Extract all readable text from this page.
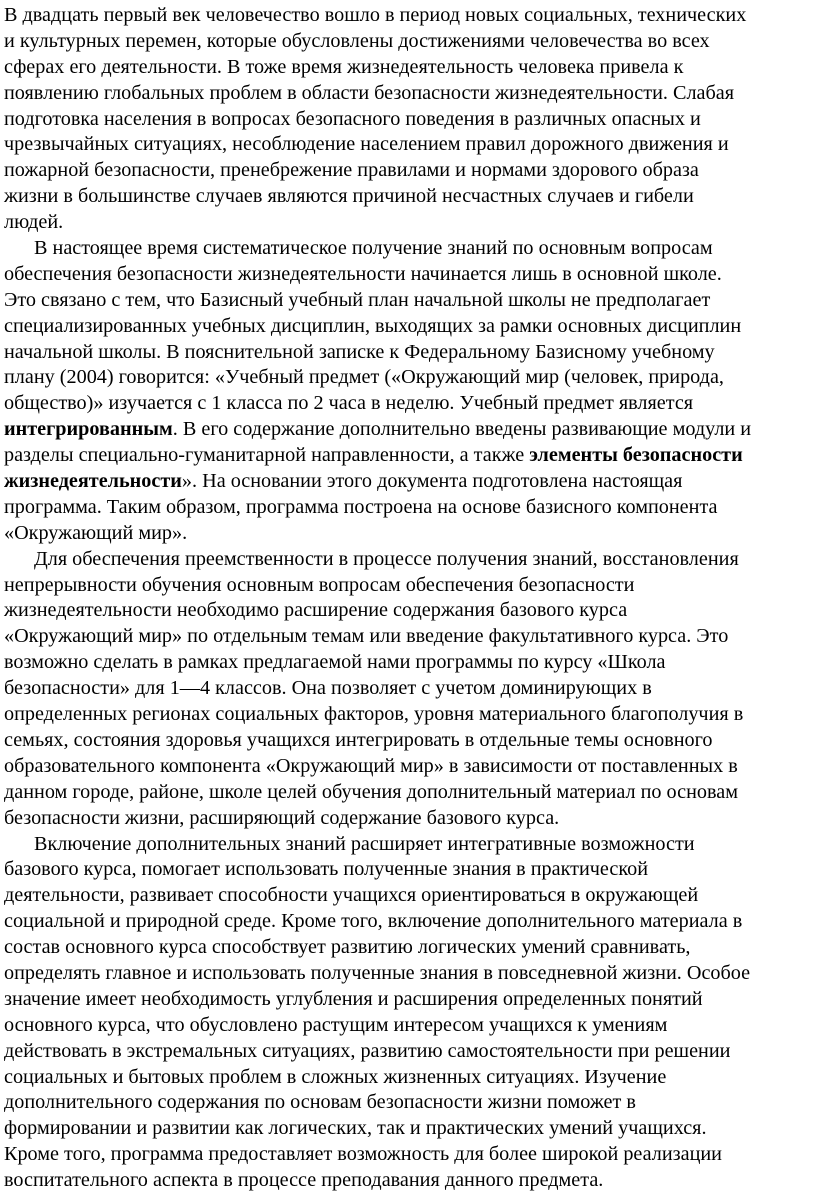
В двадцать первый век человечество вошло в период новых социальных, технических
и культурных перемен, которые обусловлены достижениями человечества во всех
сферах его деятельности. В тоже время жизнедеятельность человека привела к
появлению глобальных проблем в области безопасности жизнедеятельности. Слабая
подготовка населения в вопросах безопасного поведения в различных опасных и
чрезвычайных ситуациях, несоблюдение населением правил дорожного движения и
пожарной безопасности, пренебрежение правилами и нормами здорового образа
жизни в большинстве случаев являются причиной несчастных случаев и гибели
людей.
В настоящее время систематическое получение знаний по основным вопросам
обеспечения безопасности жизнедеятельности начинается лишь в основной школе.
Это связано с тем, что Базисный учебный план начальной школы не предполагает
специализированных учебных дисциплин, выходящих за рамки основных дисциплин
начальной школы. В пояснительной записке к Федеральному Базисному учебному
плану (2004) говорится: «Учебный предмет («Окружающий мир (человек, природа,
общество)» изучается с 1 класса по 2 часа в неделю. Учебный предмет является
интегрированным. В его содержание дополнительно введены развивающие модули и
разделы специально-гуманитарной направленности, а также элементы безопасности
жизнедеятельности». На основании этого документа подготовлена настоящая
программа. Таким образом, программа построена на основе базисного компонента
«Окружающий мир».
Для обеспечения преемственности в процессе получения знаний, восстановления
непрерывности обучения основным вопросам обеспечения безопасности
жизнедеятельности необходимо расширение содержания базового курса
«Окружающий мир» по отдельным темам или введение факультативного курса. Это
возможно сделать в рамках предлагаемой нами программы по курсу «Школа
безопасности» для 1—4 классов. Она позволяет с учетом доминирующих в
определенных регионах социальных факторов, уровня материального благополучия в
семьях, состояния здоровья учащихся интегрировать в отдельные темы основного
образовательного компонента «Окружающий мир» в зависимости от поставленных в
данном городе, районе, школе целей обучения дополнительный материал по основам
безопасности жизни, расширяющий содержание базового курса.
Включение дополнительных знаний расширяет интегративные возможности
базового курса, помогает использовать полученные знания в практической
деятельности, развивает способности учащихся ориентироваться в окружающей
социальной и природной среде. Кроме того, включение дополнительного материала в
состав основного курса способствует развитию логических умений сравнивать,
определять главное и использовать полученные знания в повседневной жизни. Особое
значение имеет необходимость углубления и расширения определенных понятий
основного курса, что обусловлено растущим интересом учащихся к умениям
действовать в экстремальных ситуациях, развитию самостоятельности при решении
социальных и бытовых проблем в сложных жизненных ситуациях. Изучение
дополнительного содержания по основам безопасности жизни поможет в
формировании и развитии как логических, так и практических умений учащихся.
Кроме того, программа предоставляет возможность для более широкой реализации
воспитательного аспекта в процессе преподавания данного предмета.
